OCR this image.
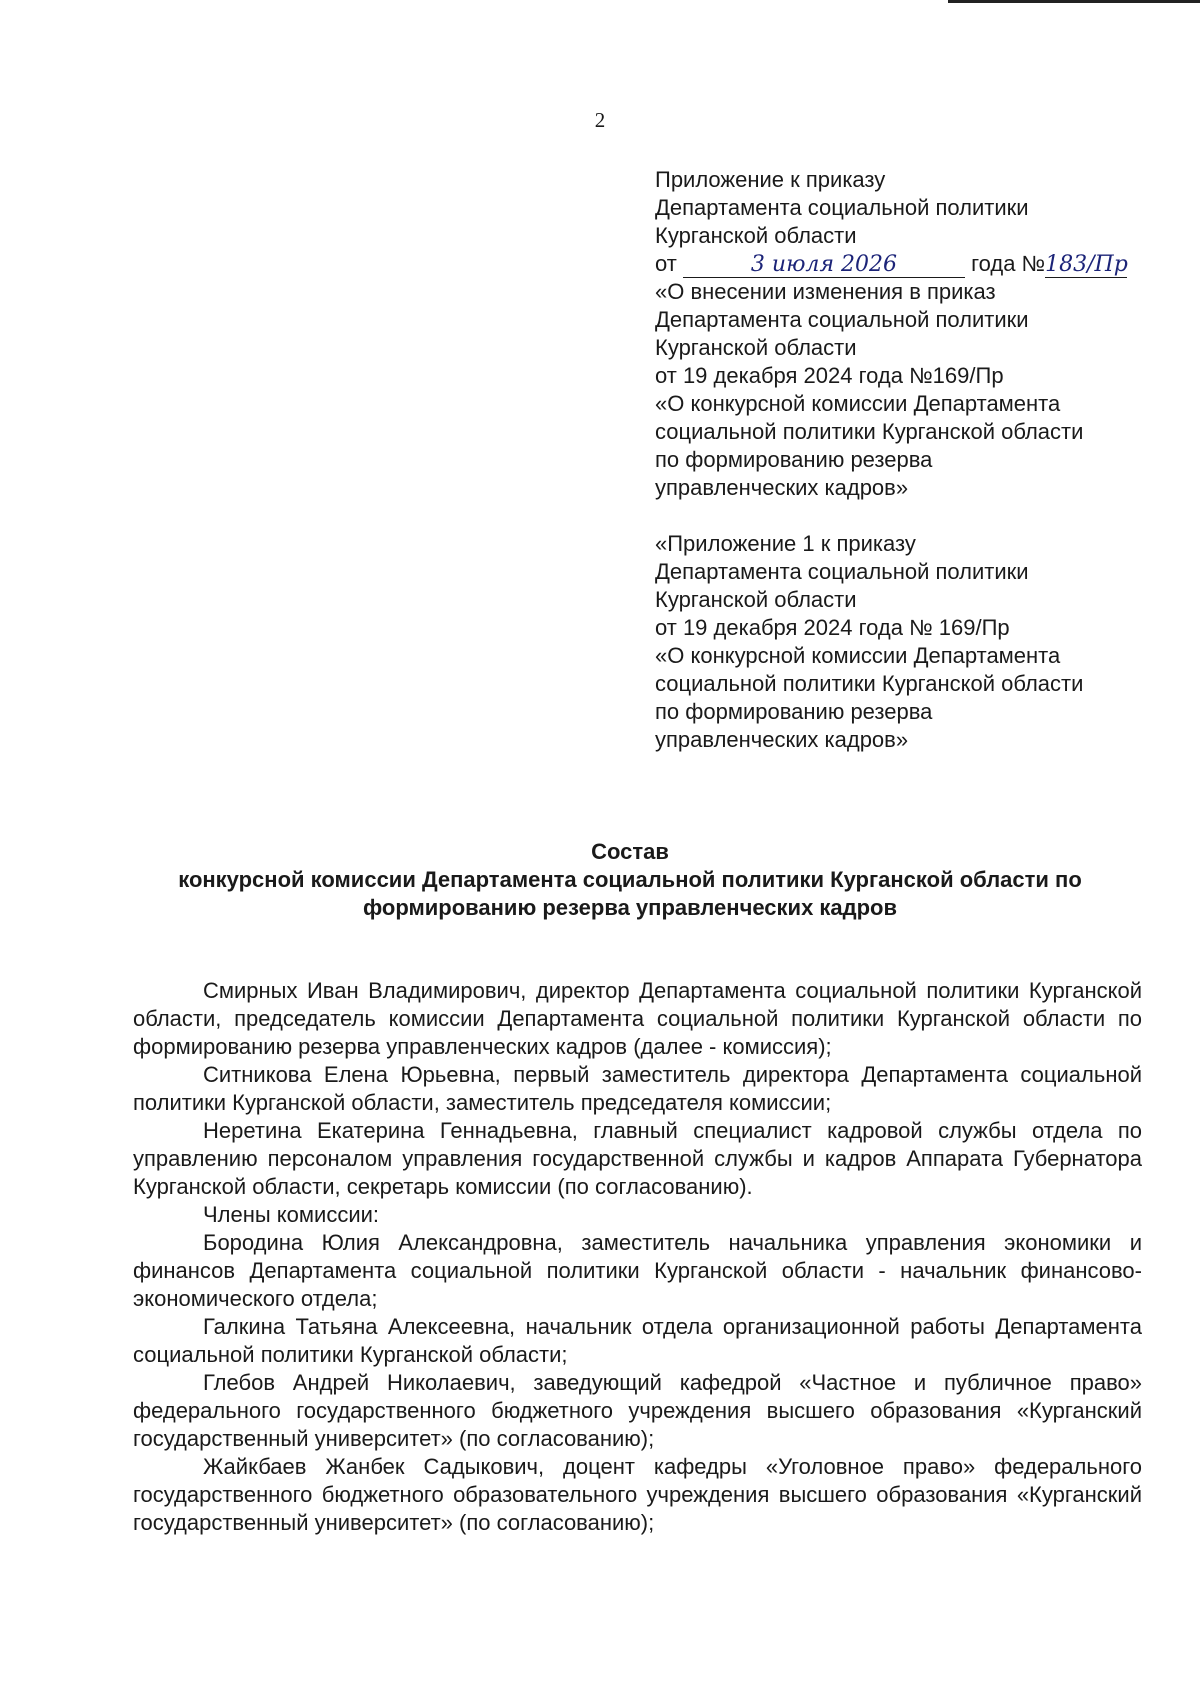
2
Приложение к приказу
Департамента социальной политики
Курганской области
от	3 июля 2026	года №183/Пр
«О внесении изменения в приказ
Департамента социальной политики
Курганской области
от 19 декабря 2024 года №169/Пр
«О конкурсной комиссии Департамента
социальной политики Курганской области
по формированию резерва
управленческих кадров»
«Приложение 1 к приказу
Департамента социальной политики
Курганской области
от 19 декабря 2024 года № 169/Пр
«О конкурсной комиссии Департамента
социальной политики Курганской области
по формированию резерва
управленческих кадров»
Состав
конкурсной комиссии Департамента социальной политики Курганской области по
формированию резерва управленческих кадров

Смирных Иван Владимирович, директор Департамента социальной политики Курганской области, председатель комиссии Департамента социальной политики Курганской области по формированию резерва управленческих кадров (далее - комиссия);

Ситникова Елена Юрьевна, первый заместитель директора Департамента социальной политики Курганской области, заместитель председателя комиссии;

Неретина Екатерина Геннадьевна, главный специалист кадровой службы отдела по управлению персоналом управления государственной службы и кадров Аппарата Губернатора Курганской области, секретарь комиссии (по согласованию).

Члены комиссии:

Бородина Юлия Александровна, заместитель начальника управления экономики и финансов Департамента социальной политики Курганской области - начальник финансово-экономического отдела;

Галкина Татьяна Алексеевна, начальник отдела организационной работы Департамента социальной политики Курганской области;

Глебов Андрей Николаевич, заведующий кафедрой «Частное и публичное право» федерального государственного бюджетного учреждения высшего образования «Курганский государственный университет» (по согласованию);

Жайкбаев Жанбек Садыкович, доцент кафедры «Уголовное право» федерального государственного бюджетного образовательного учреждения высшего образования «Курганский государственный университет» (по согласованию);
